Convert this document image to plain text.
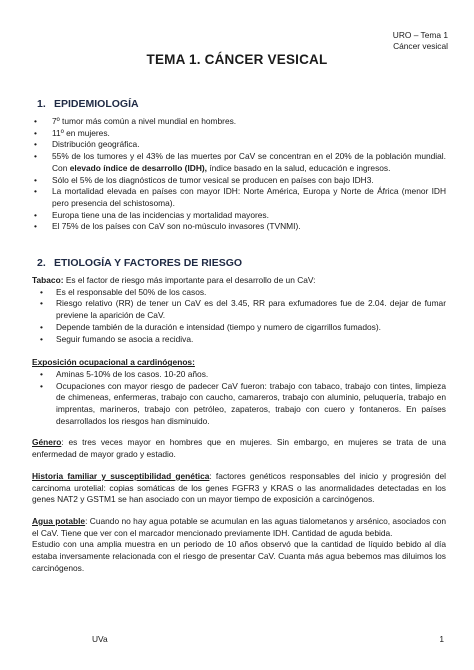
URO – Tema 1
Cáncer vesical
TEMA 1. CÁNCER VESICAL
1. EPIDEMIOLOGÍA
• 7º tumor más común a nivel mundial en hombres.
• 11º en mujeres.
• Distribución geográfica.
• 55% de los tumores y el 43% de las muertes por CaV se concentran en el 20% de la población mundial. Con elevado índice de desarrollo (IDH), índice basado en la salud, educación e ingresos.
• Sólo el 5% de los diagnósticos de tumor vesical se producen en países con bajo IDH3.
• La mortalidad elevada en países con mayor IDH: Norte América, Europa y Norte de África (menor IDH pero presencia del schistosoma).
• Europa tiene una de las incidencias y mortalidad mayores.
• El 75% de los países con CaV son no-músculo invasores (TVNMI).
2. ETIOLOGÍA Y FACTORES DE RIESGO
Tabaco: Es el factor de riesgo más importante para el desarrollo de un CaV:
• Es el responsable del 50% de los casos.
• Riesgo relativo (RR) de tener un CaV es del 3.45, RR para exfumadores fue de 2.04. dejar de fumar previene la aparición de CaV.
• Depende también de la duración e intensidad (tiempo y numero de cigarrillos fumados).
• Seguir fumando se asocia a recidiva.
Exposición ocupacional a cardinógenos:
• Aminas 5-10% de los casos. 10-20 años.
• Ocupaciones con mayor riesgo de padecer CaV fueron: trabajo con tabaco, trabajo con tintes, limpieza de chimeneas, enfermeras, trabajo con caucho, camareros, trabajo con aluminio, peluquería, trabajo en imprentas, marineros, trabajo con petróleo, zapateros, trabajo con cuero y fontaneros. En países desarrollados los riesgos han disminuido.
Género: es tres veces mayor en hombres que en mujeres. Sin embargo, en mujeres se trata de una enfermedad de mayor grado y estadio.
Historia familiar y susceptibilidad genética: factores genéticos responsables del inicio y progresión del carcinoma urotelial: copias somáticas de los genes FGFR3 y KRAS o las anormalidades detectadas en los genes NAT2 y GSTM1 se han asociado con un mayor tiempo de exposición a carcinógenos.
Agua potable: Cuando no hay agua potable se acumulan en las aguas tialometanos y arsénico, asociados con el CaV. Tiene que ver con el marcador mencionado previamente IDH. Cantidad de aguda bebida.
Estudio con una amplia muestra en un periodo de 10 años observó que la cantidad de líquido bebido al día estaba inversamente relacionada con el riesgo de presentar CaV. Cuanta más agua bebemos mas diluimos los carcinógenos.
UVa	1
